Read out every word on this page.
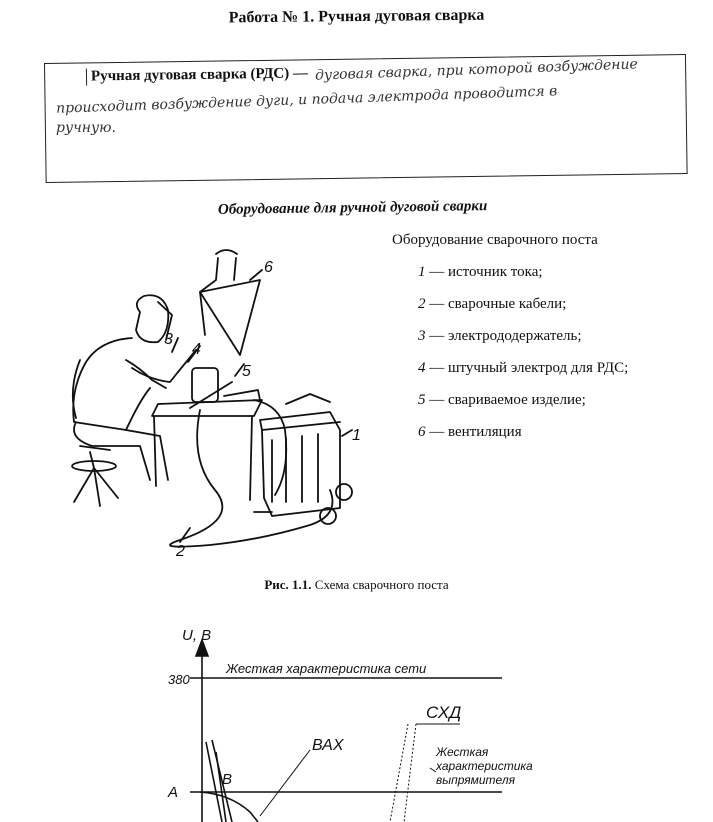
Работа № 1. Ручная дуговая сварка
Ручная дуговая сварка (РДС) — дуговая сварка, при которой возбуждение
происходит возбуждение дуги, и подача электрода проводится в
ручную.
Оборудование для ручной дуговой сварки
6
3
4
5
1
2
Оборудование сварочного поста
1 — источник тока;
2 — сварочные кабели;
3 — электрододержатель;
4 — штучный электрод для РДС;
5 — свариваемое изделие;
6 — вентиляция
Рис. 1.1. Схема сварочного поста
U, B
380
A
Жесткая характеристика сети
ВАХ
B
СХД
Жесткая
характеристика
выпрямителя
